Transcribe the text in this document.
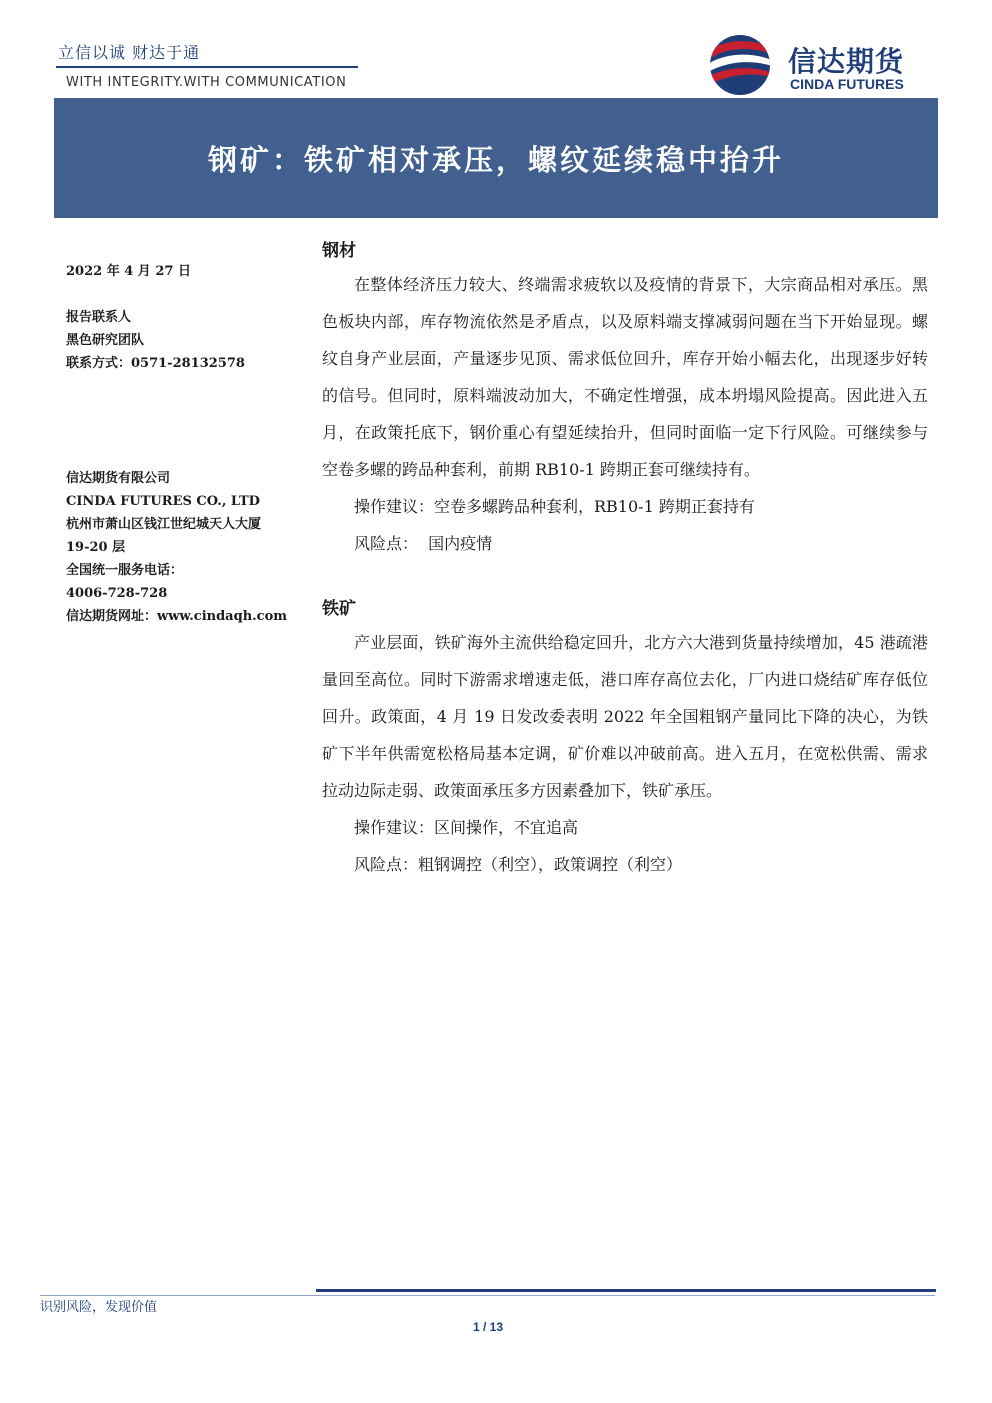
立信以诚 财达于通
WITH INTEGRITY.WITH COMMUNICATION
信达期货
CINDA FUTURES
钢矿：铁矿相对承压，螺纹延续稳中抬升
2022 年 4 月 27 日
报告联系人
黑色研究团队
联系方式：0571-28132578
信达期货有限公司
CINDA FUTURES CO., LTD
杭州市萧山区钱江世纪城天人大厦
19-20 层
全国统一服务电话：
4006-728-728
信达期货网址：www.cindaqh.com
钢材

在整体经济压力较大、终端需求疲软以及疫情的背景下，大宗商品相对承压。黑色板块内部，库存物流依然是矛盾点，以及原料端支撑减弱问题在当下开始显现。螺纹自身产业层面，产量逐步见顶、需求低位回升，库存开始小幅去化，出现逐步好转的信号。但同时，原料端波动加大，不确定性增强，成本坍塌风险提高。因此进入五月，在政策托底下，钢价重心有望延续抬升，但同时面临一定下行风险。可继续参与空卷多螺的跨品种套利，前期 RB10-1 跨期正套可继续持有。

操作建议：空卷多螺跨品种套利，RB10-1 跨期正套持有

风险点：  国内疫情

铁矿

产业层面，铁矿海外主流供给稳定回升，北方六大港到货量持续增加，45 港疏港量回至高位。同时下游需求增速走低，港口库存高位去化，厂内进口烧结矿库存低位回升。政策面，4 月 19 日发改委表明 2022 年全国粗钢产量同比下降的决心，为铁矿下半年供需宽松格局基本定调，矿价难以冲破前高。进入五月，在宽松供需、需求拉动边际走弱、政策面承压多方因素叠加下，铁矿承压。

操作建议：区间操作，不宜追高

风险点：粗钢调控（利空），政策调控（利空）

识别风险，发现价值
1 / 13
